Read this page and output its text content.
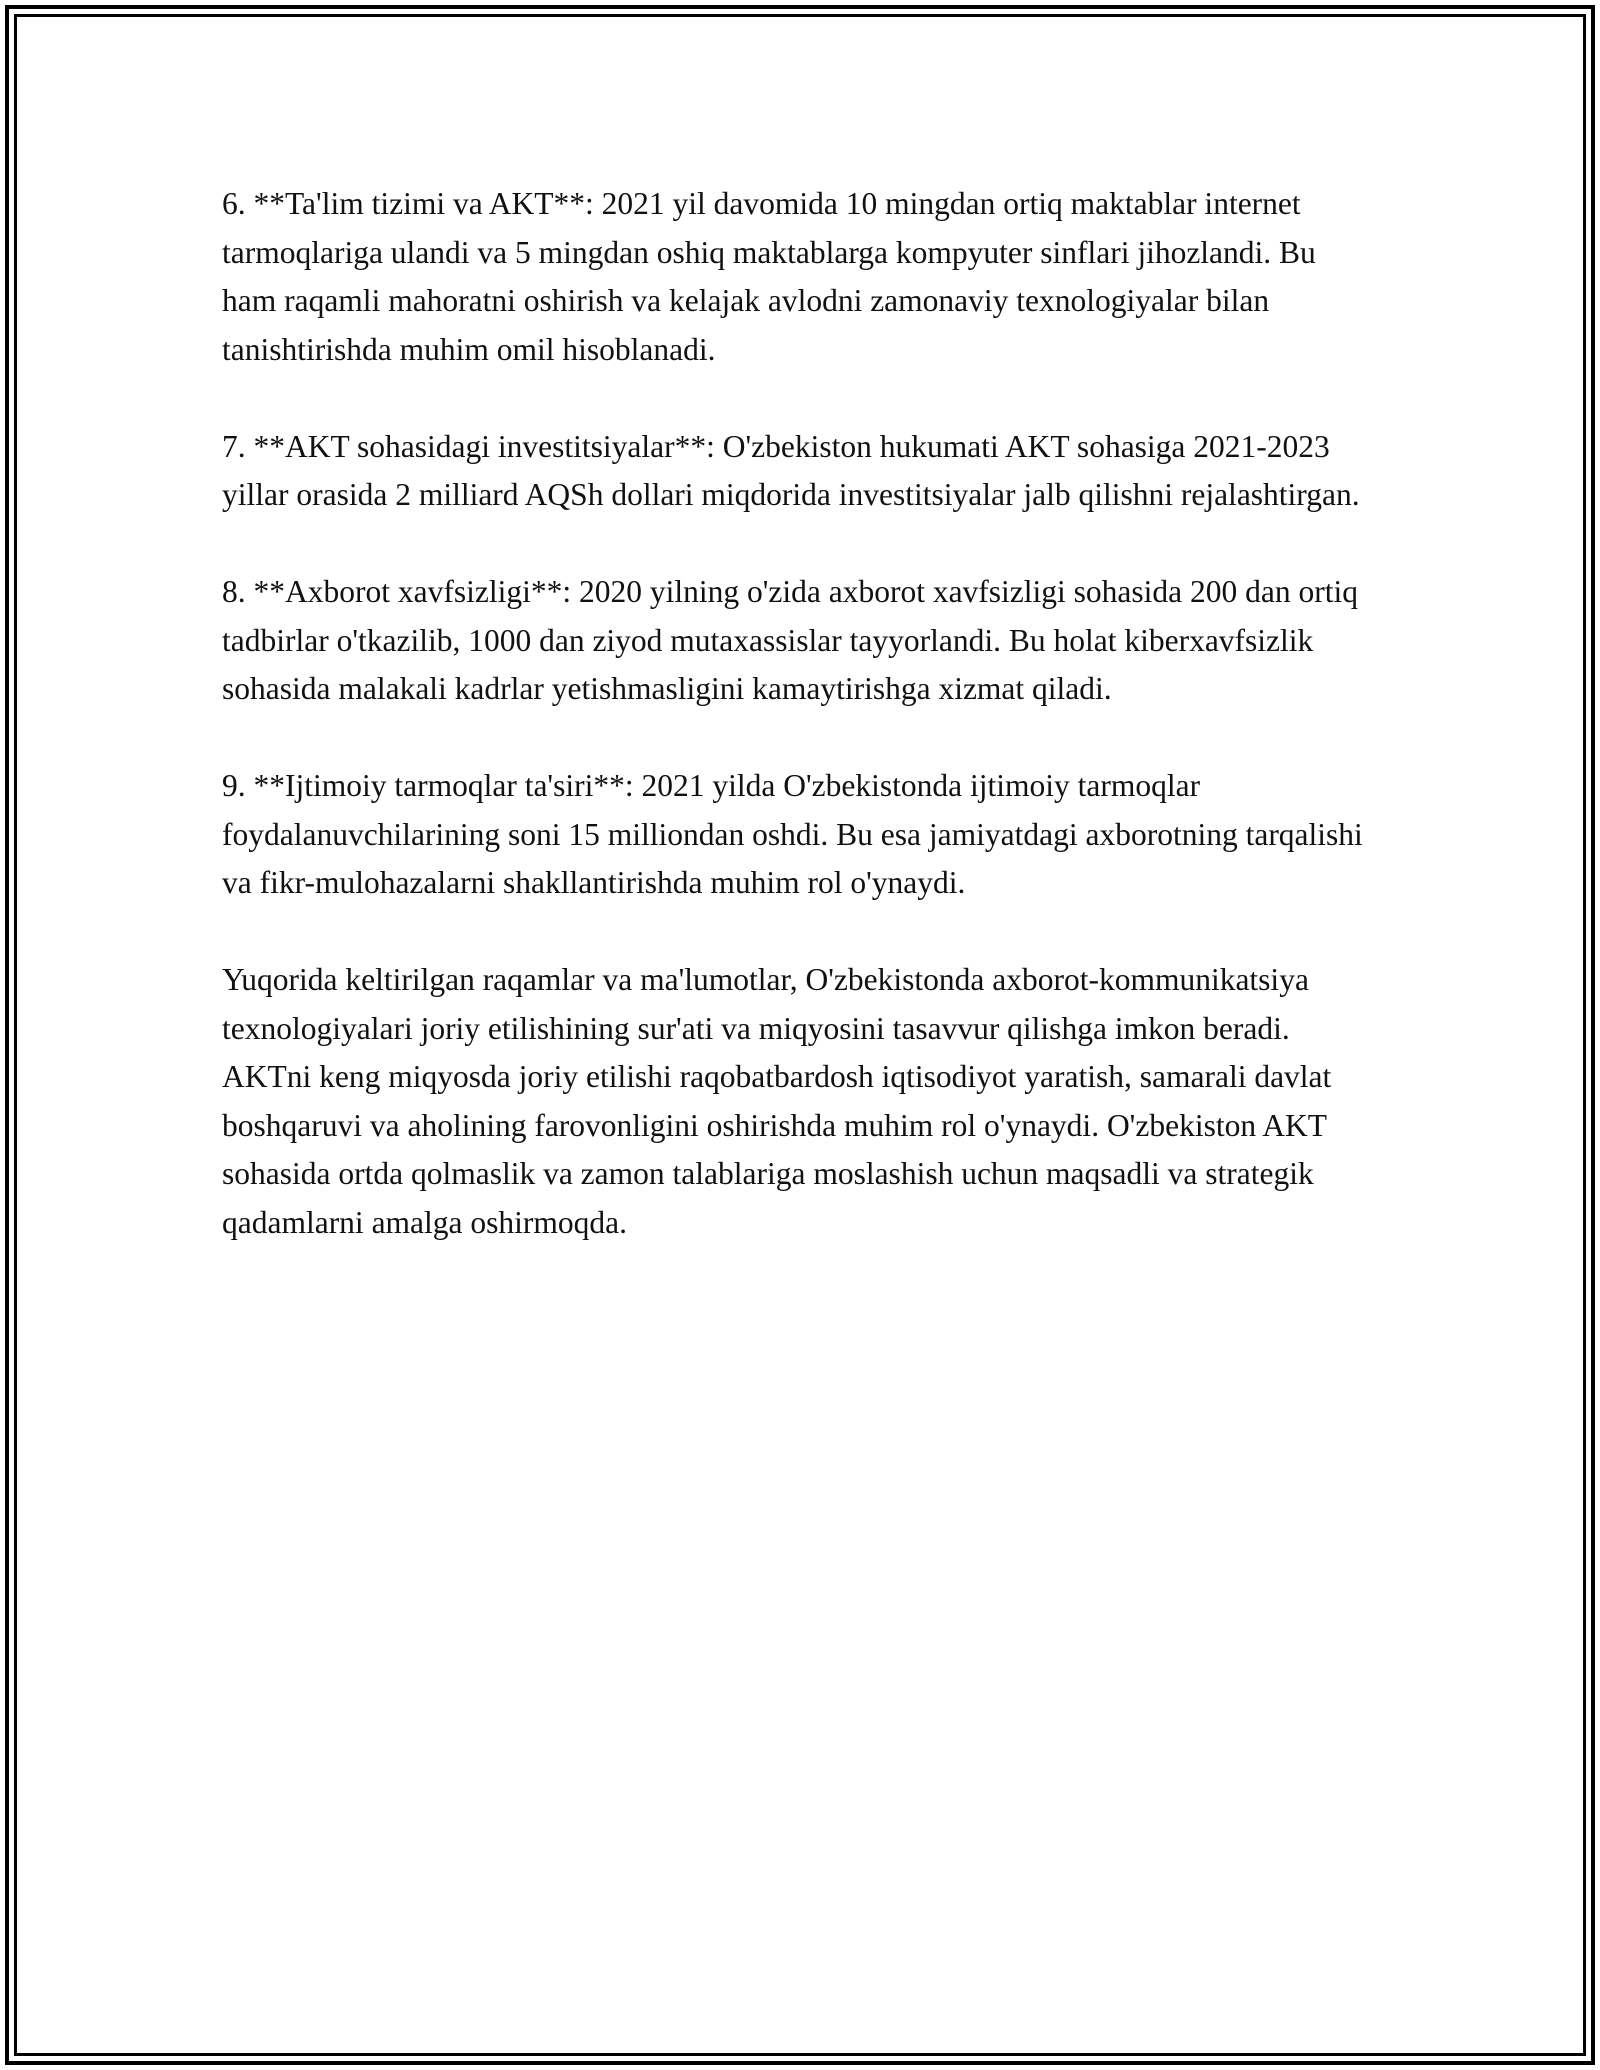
6. **Ta'lim tizimi va AKT**: 2021 yil davomida 10 mingdan ortiq maktablar internet tarmoqlariga ulandi va 5 mingdan oshiq maktablarga kompyuter sinflari jihozlandi. Bu ham raqamli mahoratni oshirish va kelajak avlodni zamonaviy texnologiyalar bilan tanishtirishda muhim omil hisoblanadi.

7. **AKT sohasidagi investitsiyalar**: O'zbekiston hukumati AKT sohasiga 2021-2023 yillar orasida 2 milliard AQSh dollari miqdorida investitsiyalar jalb qilishni rejalashtirgan.

8. **Axborot xavfsizligi**: 2020 yilning o'zida axborot xavfsizligi sohasida 200 dan ortiq tadbirlar o'tkazilib, 1000 dan ziyod mutaxassislar tayyorlandi. Bu holat kiberxavfsizlik sohasida malakali kadrlar yetishmasligini kamaytirishga xizmat qiladi.

9. **Ijtimoiy tarmoqlar ta'siri**: 2021 yilda O'zbekistonda ijtimoiy tarmoqlar foydalanuvchilarining soni 15 milliondan oshdi. Bu esa jamiyatdagi axborotning tarqalishi va fikr-mulohazalarni shakllantirishda muhim rol o'ynaydi.

Yuqorida keltirilgan raqamlar va ma'lumotlar, O'zbekistonda axborot-kommunikatsiya texnologiyalari joriy etilishining sur'ati va miqyosini tasavvur qilishga imkon beradi. AKTni keng miqyosda joriy etilishi raqobatbardosh iqtisodiyot yaratish, samarali davlat boshqaruvi va aholining farovonligini oshirishda muhim rol o'ynaydi. O'zbekiston AKT sohasida ortda qolmaslik va zamon talablariga moslashish uchun maqsadli va strategik qadamlarni amalga oshirmoqda.
